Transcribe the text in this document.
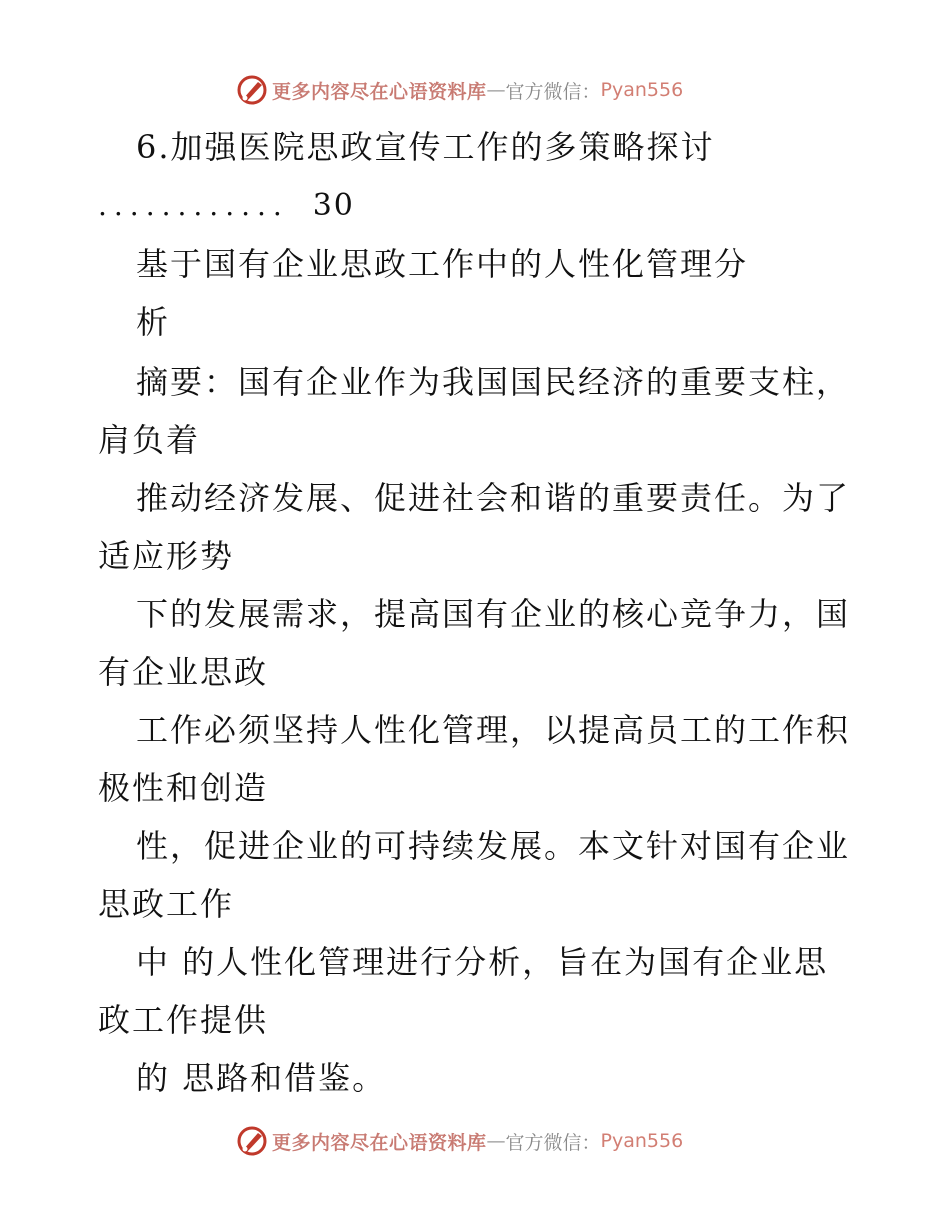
更多内容尽在心语资料库 — 官方微信： Pyan556
6.加强医院思政宣传工作的多策略探讨
............ 30
基于国有企业思政工作中的人性化管理分
析
摘要：国有企业作为我国国民经济的重要支柱，
肩负着
推动经济发展、促进社会和谐的重要责任。为了
适应形势
下的发展需求，提高国有企业的核心竞争力，国
有企业思政
工作必须坚持人性化管理，以提高员工的工作积
极性和创造
性，促进企业的可持续发展。本文针对国有企业
思政工作
中 的人性化管理进行分析，旨在为国有企业思
政工作提供
的 思路和借鉴。
更多内容尽在心语资料库 — 官方微信： Pyan556
